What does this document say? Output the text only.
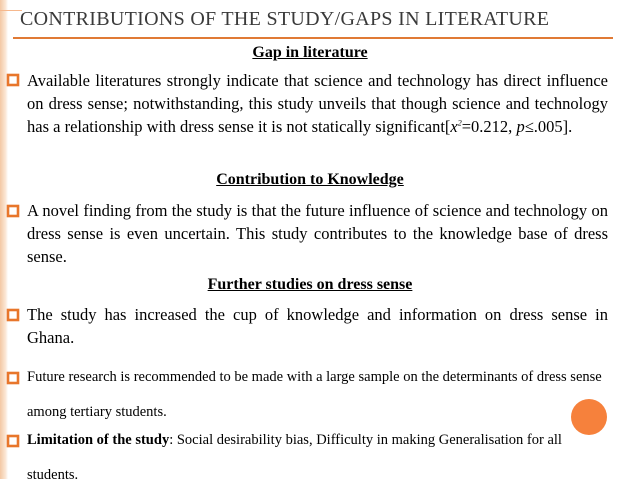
CONTRIBUTIONS OF THE STUDY/GAPS IN LITERATURE
Gap in literature
Available literatures strongly indicate that science and technology has direct influence on dress sense; notwithstanding, this study unveils that though science and technology has a relationship with dress sense it is not statically $significant[x^2=0.212$, p≤.005].
Contribution to Knowledge
A novel finding from the study is that the future influence of science and technology on dress sense is even uncertain. This study contributes to the knowledge base of dress sense.
Further studies on dress sense
The study has increased the cup of knowledge and information on dress sense in Ghana.
Future research is recommended to be made with a large sample on the determinants of dress sense among tertiary students.
Limitation of the study: Social desirability bias, Difficulty in making Generalisation for all students.
